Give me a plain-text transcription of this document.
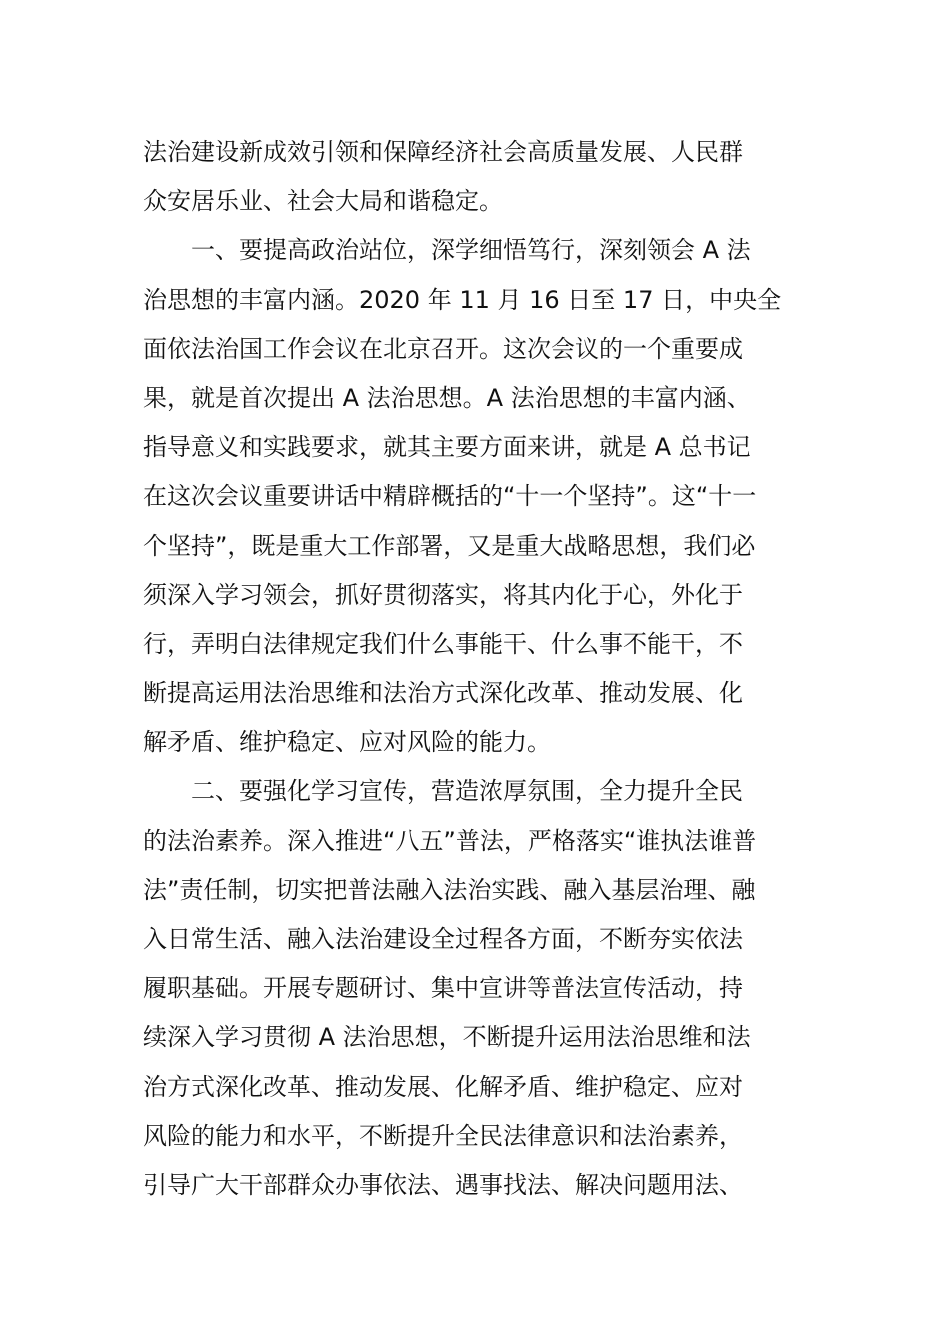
法治建设新成效引领和保障经济社会高质量发展、人民群
众安居乐业、社会大局和谐稳定。
　　一、要提高政治站位，深学细悟笃行，深刻领会 A 法
治思想的丰富内涵。2020 年 11 月 16 日至 17 日，中央全
面依法治国工作会议在北京召开。这次会议的一个重要成
果，就是首次提出 A 法治思想。A 法治思想的丰富内涵、
指导意义和实践要求，就其主要方面来讲，就是 A 总书记
在这次会议重要讲话中精辟概括的“十一个坚持”。这“十一
个坚持”，既是重大工作部署，又是重大战略思想，我们必
须深入学习领会，抓好贯彻落实，将其内化于心，外化于
行，弄明白法律规定我们什么事能干、什么事不能干，不
断提高运用法治思维和法治方式深化改革、推动发展、化
解矛盾、维护稳定、应对风险的能力。
　　二、要强化学习宣传，营造浓厚氛围，全力提升全民
的法治素养。深入推进“八五”普法，严格落实“谁执法谁普
法”责任制，切实把普法融入法治实践、融入基层治理、融
入日常生活、融入法治建设全过程各方面，不断夯实依法
履职基础。开展专题研讨、集中宣讲等普法宣传活动，持
续深入学习贯彻 A 法治思想，不断提升运用法治思维和法
治方式深化改革、推动发展、化解矛盾、维护稳定、应对
风险的能力和水平，不断提升全民法律意识和法治素养，
引导广大干部群众办事依法、遇事找法、解决问题用法、
